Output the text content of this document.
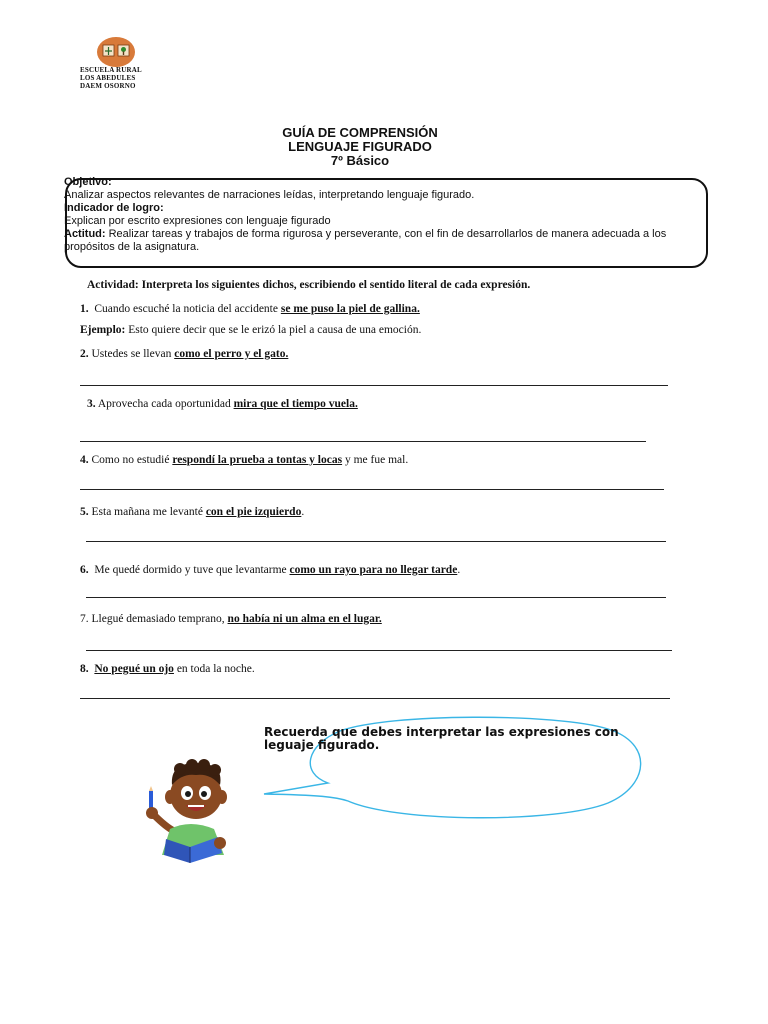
ESCUELA RURAL
LOS ABEDULES
DAEM OSORNO
GUÍA DE COMPRENSIÓN
LENGUAJE FIGURADO
7º Básico
Objetivo:
Analizar aspectos relevantes de narraciones leídas, interpretando lenguaje figurado.
Indicador de logro:
Explican por escrito expresiones con lenguaje figurado
Actitud: Realizar tareas y trabajos de forma rigurosa y perseverante, con el fin de desarrollarlos de manera adecuada a los propósitos de la asignatura.
Actividad: Interpreta los siguientes dichos, escribiendo el sentido literal de cada expresión.
1.  Cuando escuché la noticia del accidente se me puso la piel de gallina.
Ejemplo: Esto quiere decir que se le erizó la piel a causa de una emoción.
2. Ustedes se llevan como el perro y el gato.
3. Aprovecha cada oportunidad mira que el tiempo vuela.
4. Como no estudié respondí la prueba a tontas y locas y me fue mal.
5. Esta mañana me levanté con el pie izquierdo.
6.  Me quedé dormido y tuve que levantarme como un rayo para no llegar tarde.
7. Llegué demasiado temprano, no había ni un alma en el lugar.
8. No pegué un ojo en toda la noche.
Recuerda que debes interpretar las expresiones con leguaje figurado.
